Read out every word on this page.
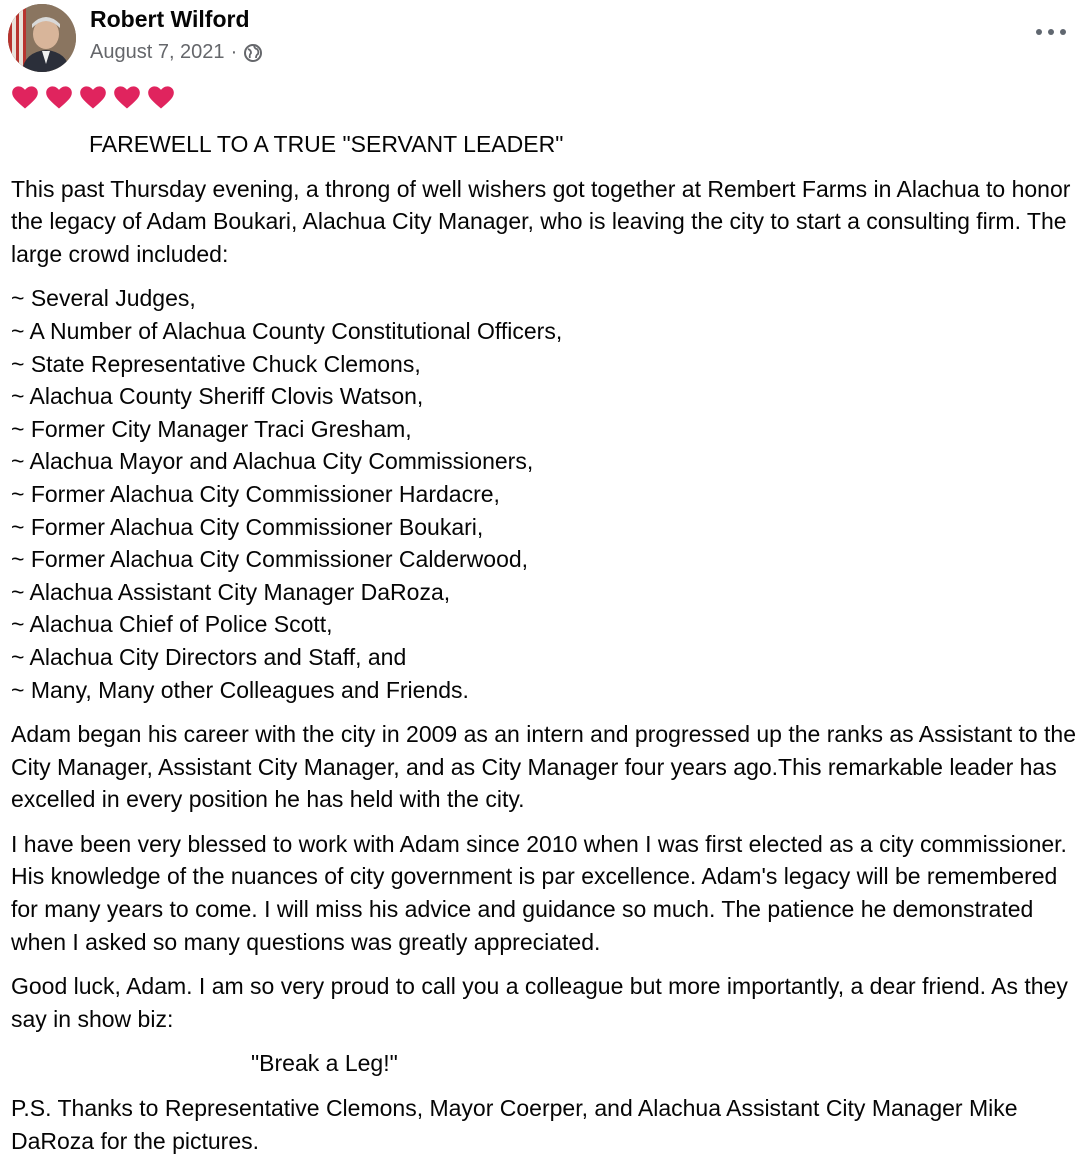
Robert Wilford
August 7, 2021 ·
FAREWELL TO A TRUE "SERVANT LEADER"
This past Thursday evening, a throng of well wishers got together at Rembert Farms in Alachua to honor the legacy of Adam Boukari, Alachua City Manager, who is leaving the city to start a consulting firm. The large crowd included:
~ Several Judges,
~ A Number of Alachua County Constitutional Officers,
~ State Representative Chuck Clemons,
~ Alachua County Sheriff Clovis Watson,
~ Former City Manager Traci Gresham,
~ Alachua Mayor and Alachua City Commissioners,
~ Former Alachua City Commissioner Hardacre,
~ Former Alachua City Commissioner Boukari,
~ Former Alachua City Commissioner Calderwood,
~ Alachua Assistant City Manager DaRoza,
~ Alachua Chief of Police Scott,
~ Alachua City Directors and Staff, and
~ Many, Many other Colleagues and Friends.
Adam began his career with the city in 2009 as an intern and progressed up the ranks as Assistant to the City Manager, Assistant City Manager, and as City Manager four years ago.This remarkable leader has excelled in every position he has held with the city.
I have been very blessed to work with Adam since 2010 when I was first elected as a city commissioner. His knowledge of the nuances of city government is par excellence. Adam's legacy will be remembered for many years to come. I will miss his advice and guidance so much. The patience he demonstrated when I asked so many questions was greatly appreciated.
Good luck, Adam. I am so very proud to call you a colleague but more importantly, a dear friend. As they say in show biz:
"Break a Leg!"
P.S. Thanks to Representative Clemons, Mayor Coerper, and Alachua Assistant City Manager Mike DaRoza for the pictures.
